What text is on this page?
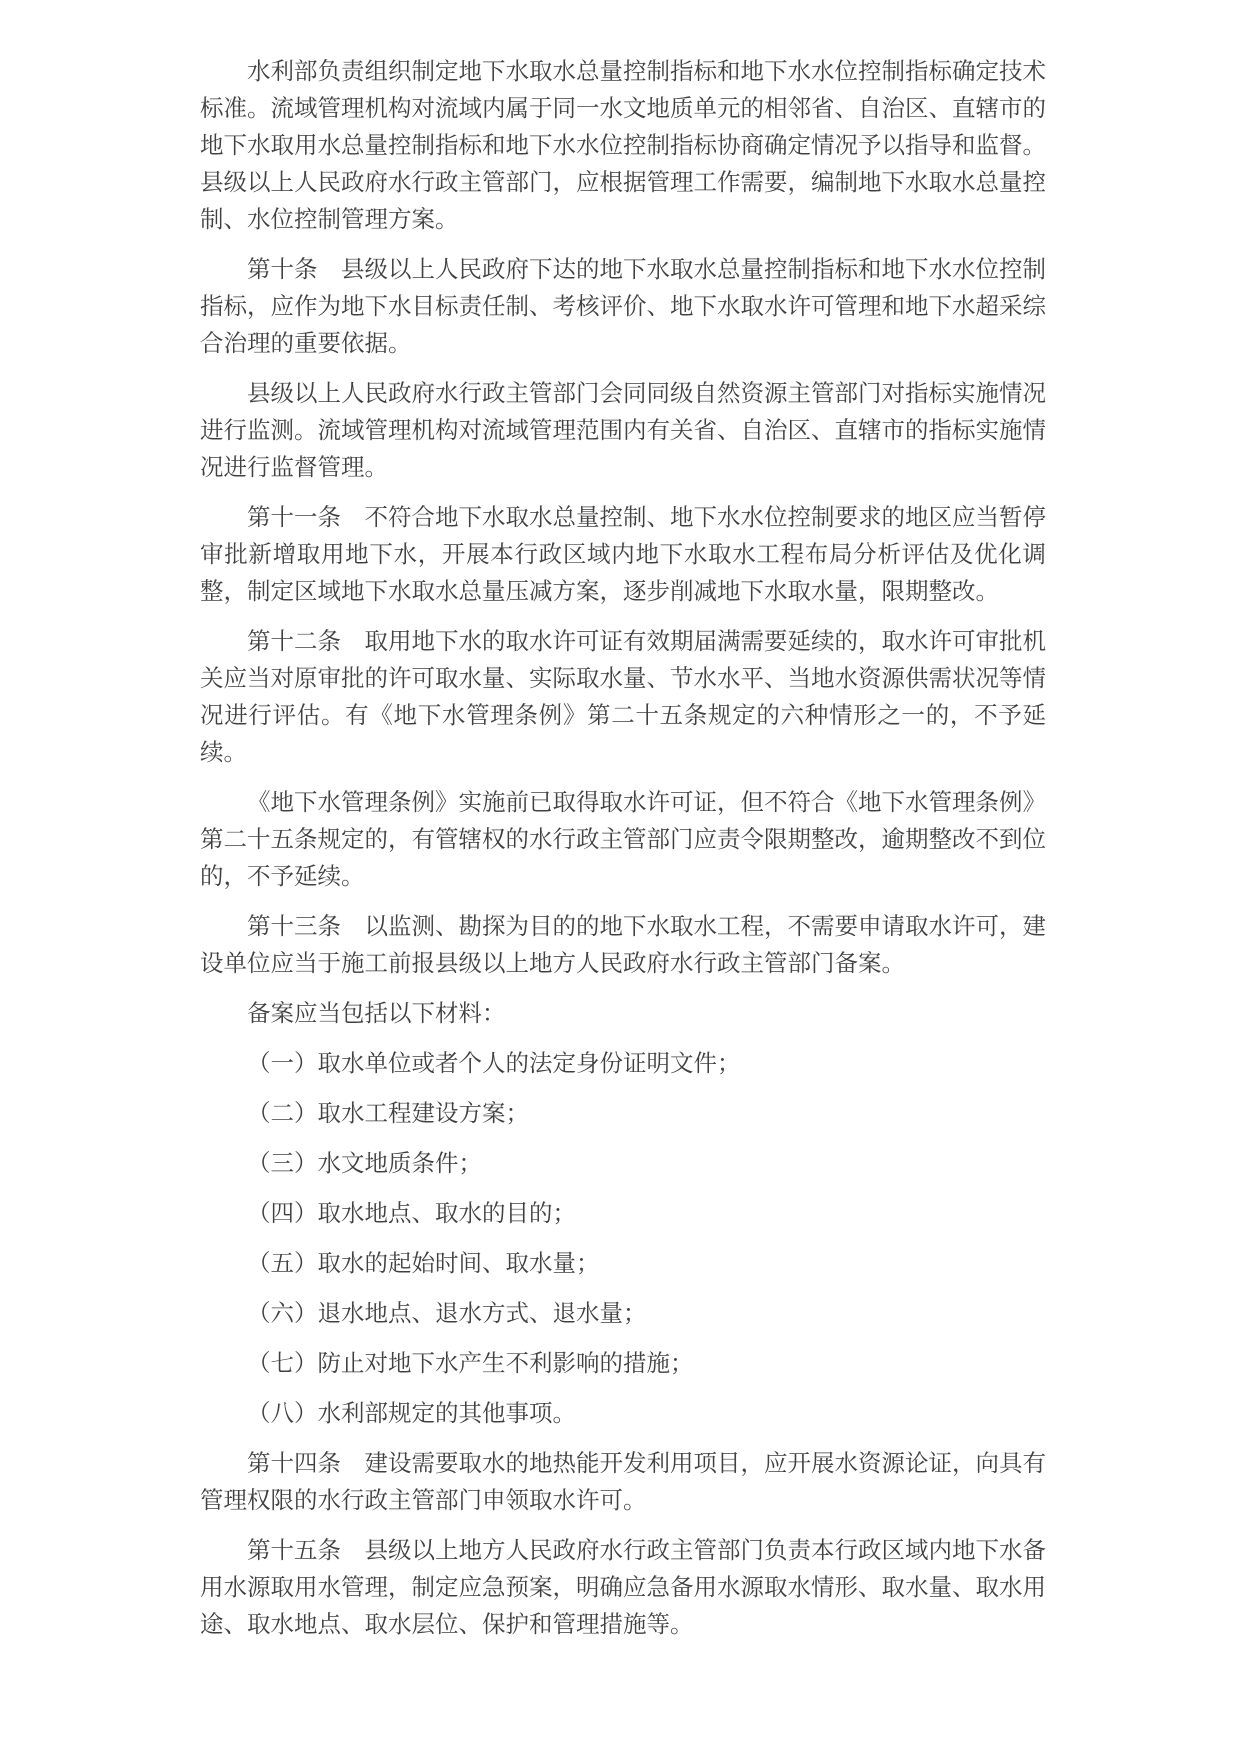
水利部负责组织制定地下水取水总量控制指标和地下水水位控制指标确定技术标准。流域管理机构对流域内属于同一水文地质单元的相邻省、自治区、直辖市的地下水取用水总量控制指标和地下水水位控制指标协商确定情况予以指导和监督。县级以上人民政府水行政主管部门，应根据管理工作需要，编制地下水取水总量控制、水位控制管理方案。

第十条　县级以上人民政府下达的地下水取水总量控制指标和地下水水位控制指标，应作为地下水目标责任制、考核评价、地下水取水许可管理和地下水超采综合治理的重要依据。

县级以上人民政府水行政主管部门会同同级自然资源主管部门对指标实施情况进行监测。流域管理机构对流域管理范围内有关省、自治区、直辖市的指标实施情况进行监督管理。

第十一条　不符合地下水取水总量控制、地下水水位控制要求的地区应当暂停审批新增取用地下水，开展本行政区域内地下水取水工程布局分析评估及优化调整，制定区域地下水取水总量压减方案，逐步削减地下水取水量，限期整改。

第十二条　取用地下水的取水许可证有效期届满需要延续的，取水许可审批机关应当对原审批的许可取水量、实际取水量、节水水平、当地水资源供需状况等情况进行评估。有《地下水管理条例》第二十五条规定的六种情形之一的，不予延续。

《地下水管理条例》实施前已取得取水许可证，但不符合《地下水管理条例》第二十五条规定的，有管辖权的水行政主管部门应责令限期整改，逾期整改不到位的，不予延续。

第十三条　以监测、勘探为目的的地下水取水工程，不需要申请取水许可，建设单位应当于施工前报县级以上地方人民政府水行政主管部门备案。

备案应当包括以下材料：

（一）取水单位或者个人的法定身份证明文件；

（二）取水工程建设方案；

（三）水文地质条件；

（四）取水地点、取水的目的；

（五）取水的起始时间、取水量；

（六）退水地点、退水方式、退水量；

（七）防止对地下水产生不利影响的措施；

（八）水利部规定的其他事项。

第十四条　建设需要取水的地热能开发利用项目，应开展水资源论证，向具有管理权限的水行政主管部门申领取水许可。

第十五条　县级以上地方人民政府水行政主管部门负责本行政区域内地下水备用水源取用水管理，制定应急预案，明确应急备用水源取水情形、取水量、取水用途、取水地点、取水层位、保护和管理措施等。
